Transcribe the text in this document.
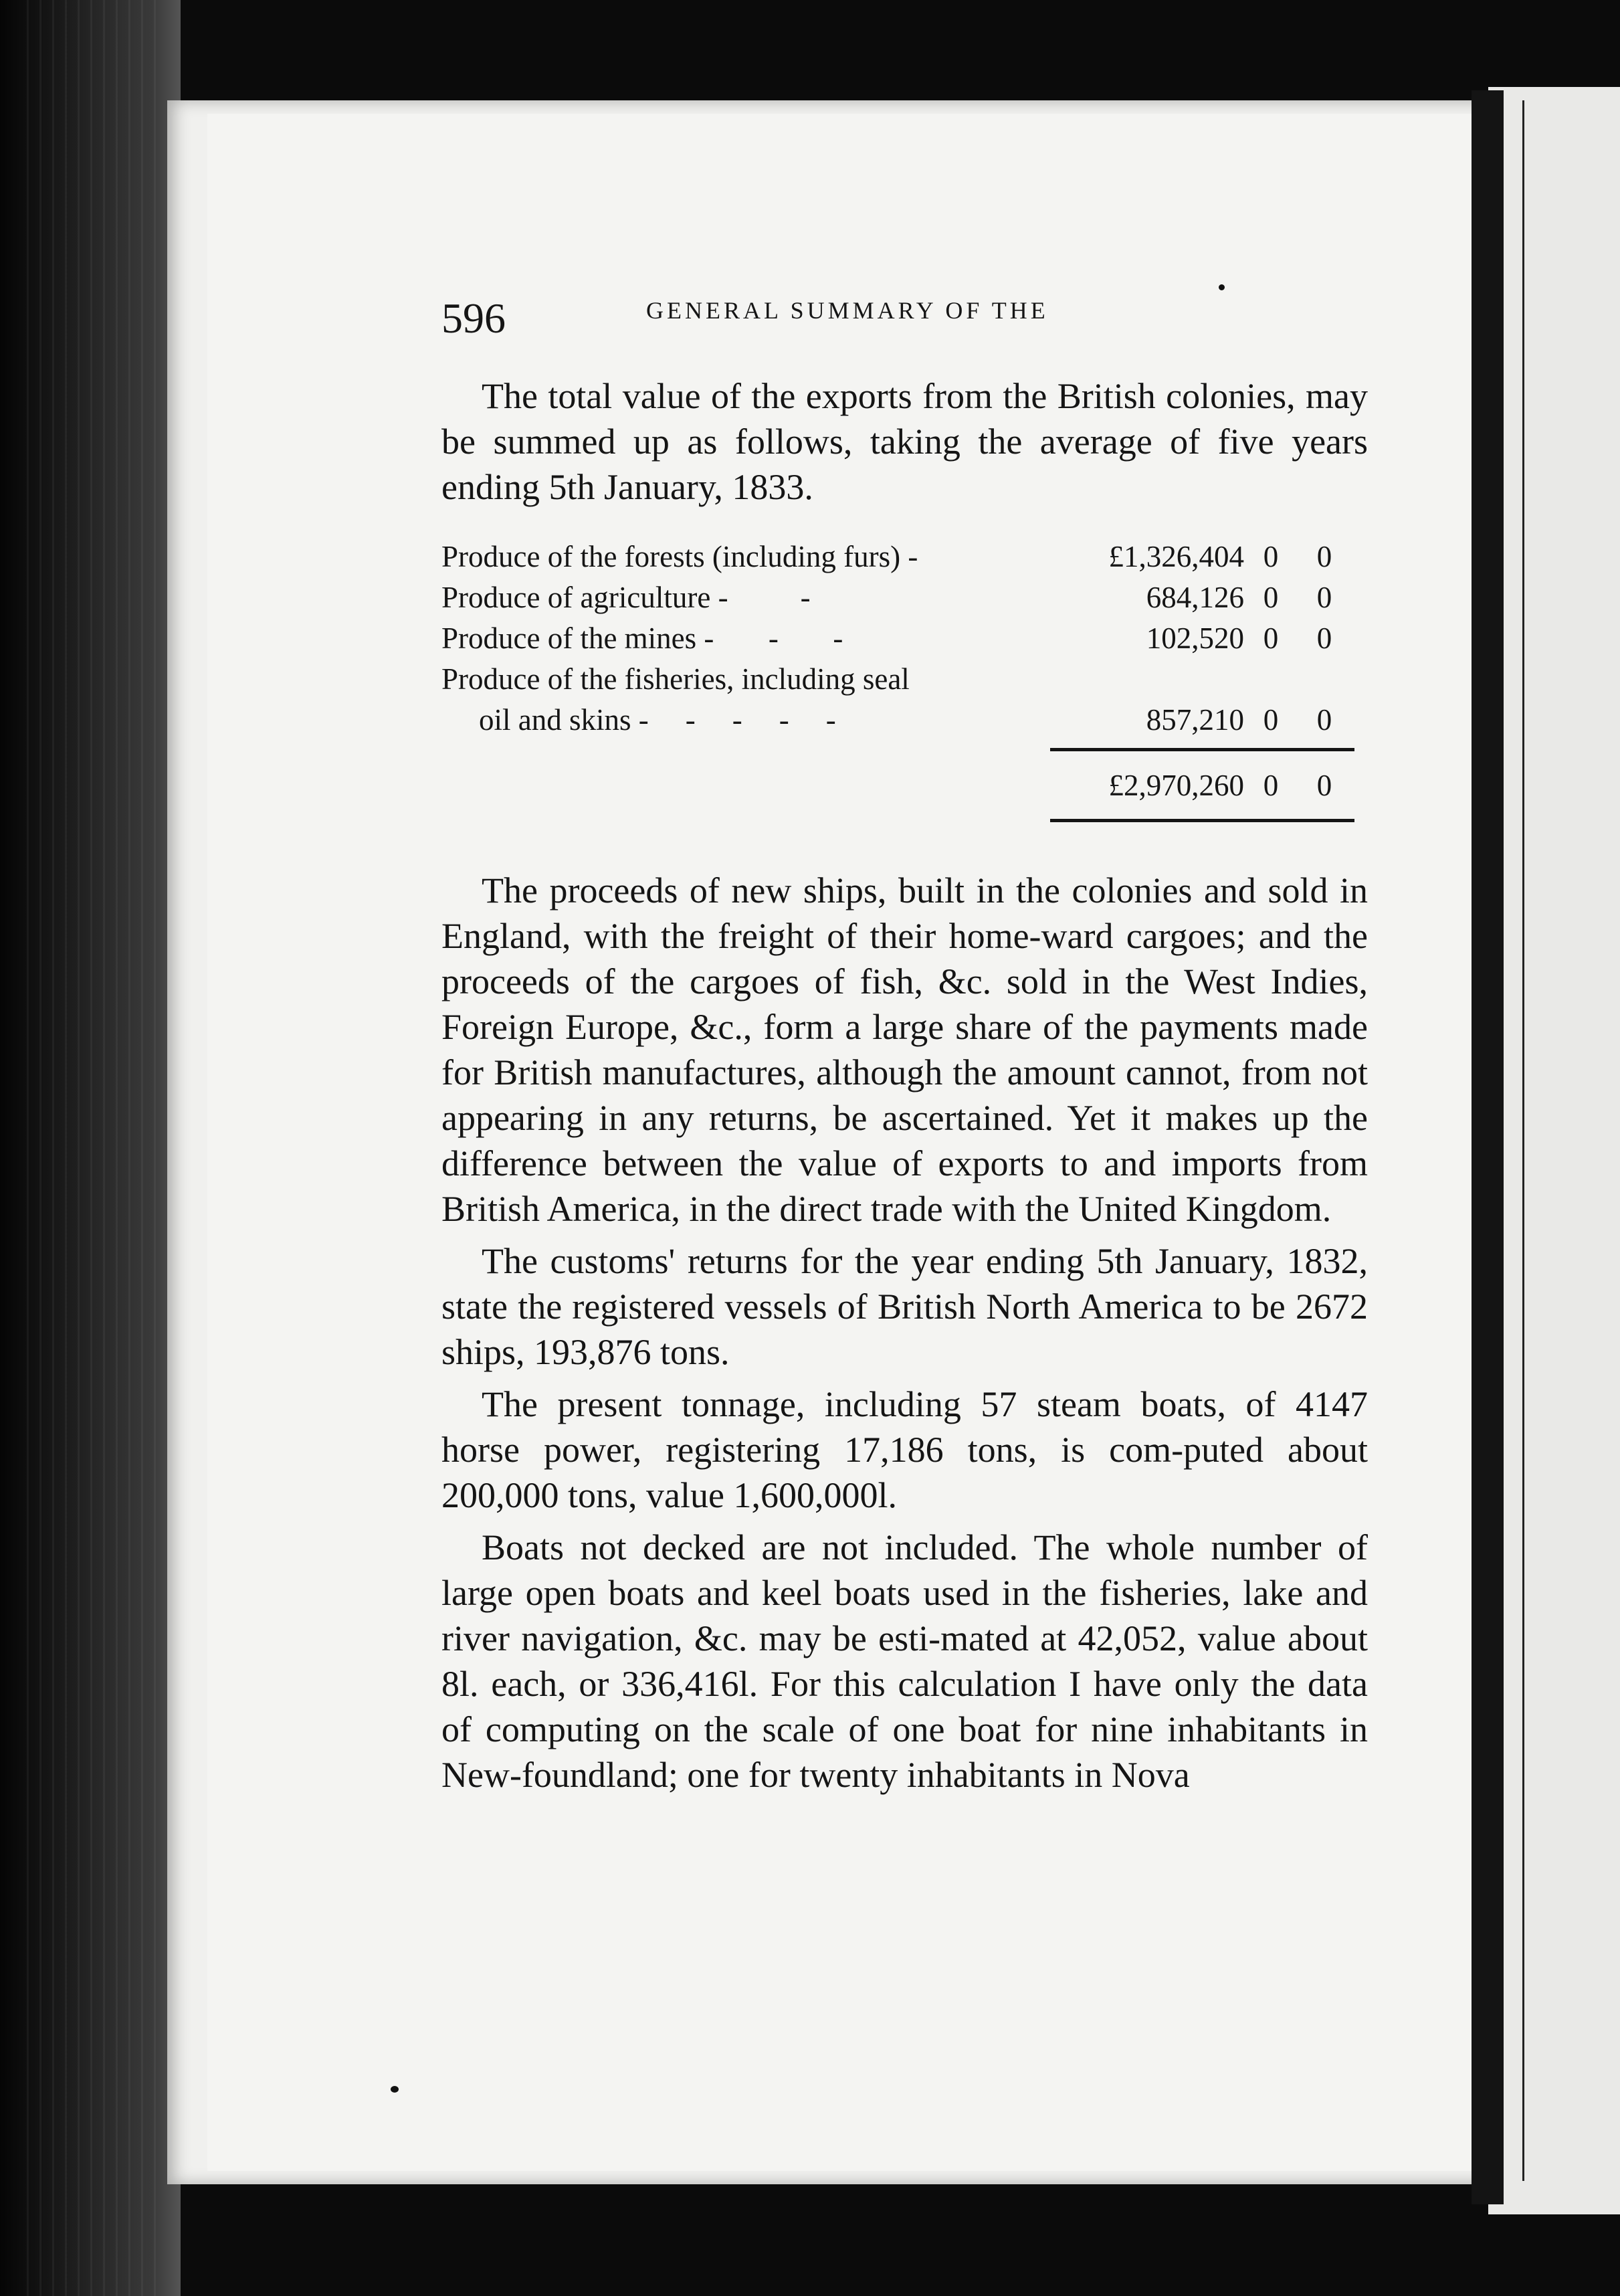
596	GENERAL SUMMARY OF THE

The total value of the exports from the British colonies, may be summed up as follows, taking the average of five years ending 5th January, 1833.

Produce of the forests (including furs) -	£1,326,404 0	0
Produce of agriculture -        -	684,126 0	0
Produce of the mines -      -      -	102,520 0	0
Produce of the fisheries, including seal
oil and skins -    -    -    -    -	857,210 0	0
£2,970,260 0	0

The proceeds of new ships, built in the colonies and sold in England, with the freight of their home-ward cargoes; and the proceeds of the cargoes of fish, &c. sold in the West Indies, Foreign Europe, &c., form a large share of the payments made for British manufactures, although the amount cannot, from not appearing in any returns, be ascertained. Yet it makes up the difference between the value of exports to and imports from British America, in the direct trade with the United Kingdom.

The customs' returns for the year ending 5th January, 1832, state the registered vessels of British North America to be 2672 ships, 193,876 tons.

The present tonnage, including 57 steam boats, of 4147 horse power, registering 17,186 tons, is com-puted about 200,000 tons, value 1,600,000l.

Boats not decked are not included. The whole number of large open boats and keel boats used in the fisheries, lake and river navigation, &c. may be esti-mated at 42,052, value about 8l. each, or 336,416l. For this calculation I have only the data of computing on the scale of one boat for nine inhabitants in New-foundland; one for twenty inhabitants in Nova
